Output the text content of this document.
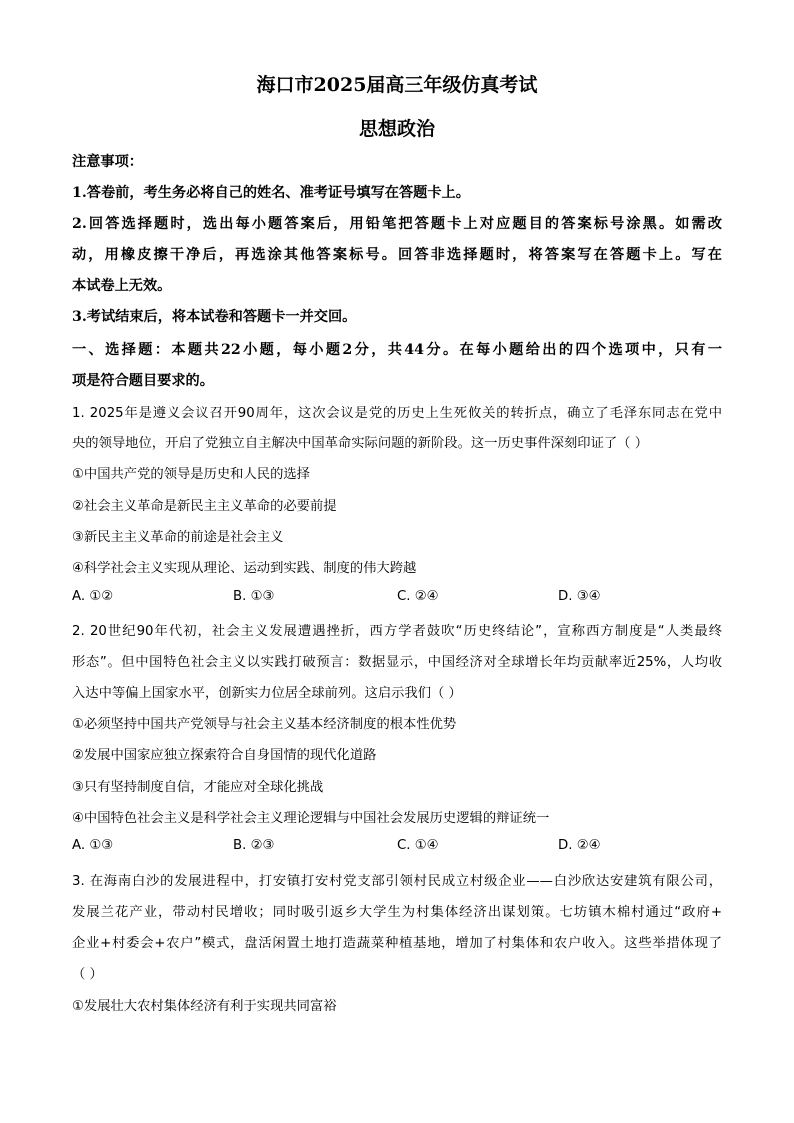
海口市2025届高三年级仿真考试
思想政治
注意事项：
1.答卷前，考生务必将自己的姓名、准考证号填写在答题卡上。
2.回答选择题时，选出每小题答案后，用铅笔把答题卡上对应题目的答案标号涂黑。如需改
动，用橡皮擦干净后，再选涂其他答案标号。回答非选择题时，将答案写在答题卡上。写在
本试卷上无效。
3.考试结束后，将本试卷和答题卡一并交回。
一、选择题：本题共22小题，每小题2分，共44分。在每小题给出的四个选项中，只有一
项是符合题目要求的。
1. 2025年是遵义会议召开90周年，这次会议是党的历史上生死攸关的转折点，确立了毛泽东同志在党中
央的领导地位，开启了党独立自主解决中国革命实际问题的新阶段。这一历史事件深刻印证了（ ）
①中国共产党的领导是历史和人民的选择
②社会主义革命是新民主主义革命的必要前提
③新民主主义革命的前途是社会主义
④科学社会主义实现从理论、运动到实践、制度的伟大跨越
A. ①②	B. ①③	C. ②④	D. ③④
2. 20世纪90年代初，社会主义发展遭遇挫折，西方学者鼓吹“历史终结论”，宣称西方制度是“人类最终
形态”。但中国特色社会主义以实践打破预言：数据显示，中国经济对全球增长年均贡献率近25%，人均收
入达中等偏上国家水平，创新实力位居全球前列。这启示我们（ ）
①必须坚持中国共产党领导与社会主义基本经济制度的根本性优势
②发展中国家应独立探索符合自身国情的现代化道路
③只有坚持制度自信，才能应对全球化挑战
④中国特色社会主义是科学社会主义理论逻辑与中国社会发展历史逻辑的辩证统一
A. ①③	B. ②③	C. ①④	D. ②④
3. 在海南白沙的发展进程中，打安镇打安村党支部引领村民成立村级企业——白沙欣达安建筑有限公司，
发展兰花产业，带动村民增收；同时吸引返乡大学生为村集体经济出谋划策。七坊镇木棉村通过“政府+
企业+村委会+农户”模式，盘活闲置土地打造蔬菜种植基地，增加了村集体和农户收入。这些举措体现了
（ ）
①发展壮大农村集体经济有利于实现共同富裕
